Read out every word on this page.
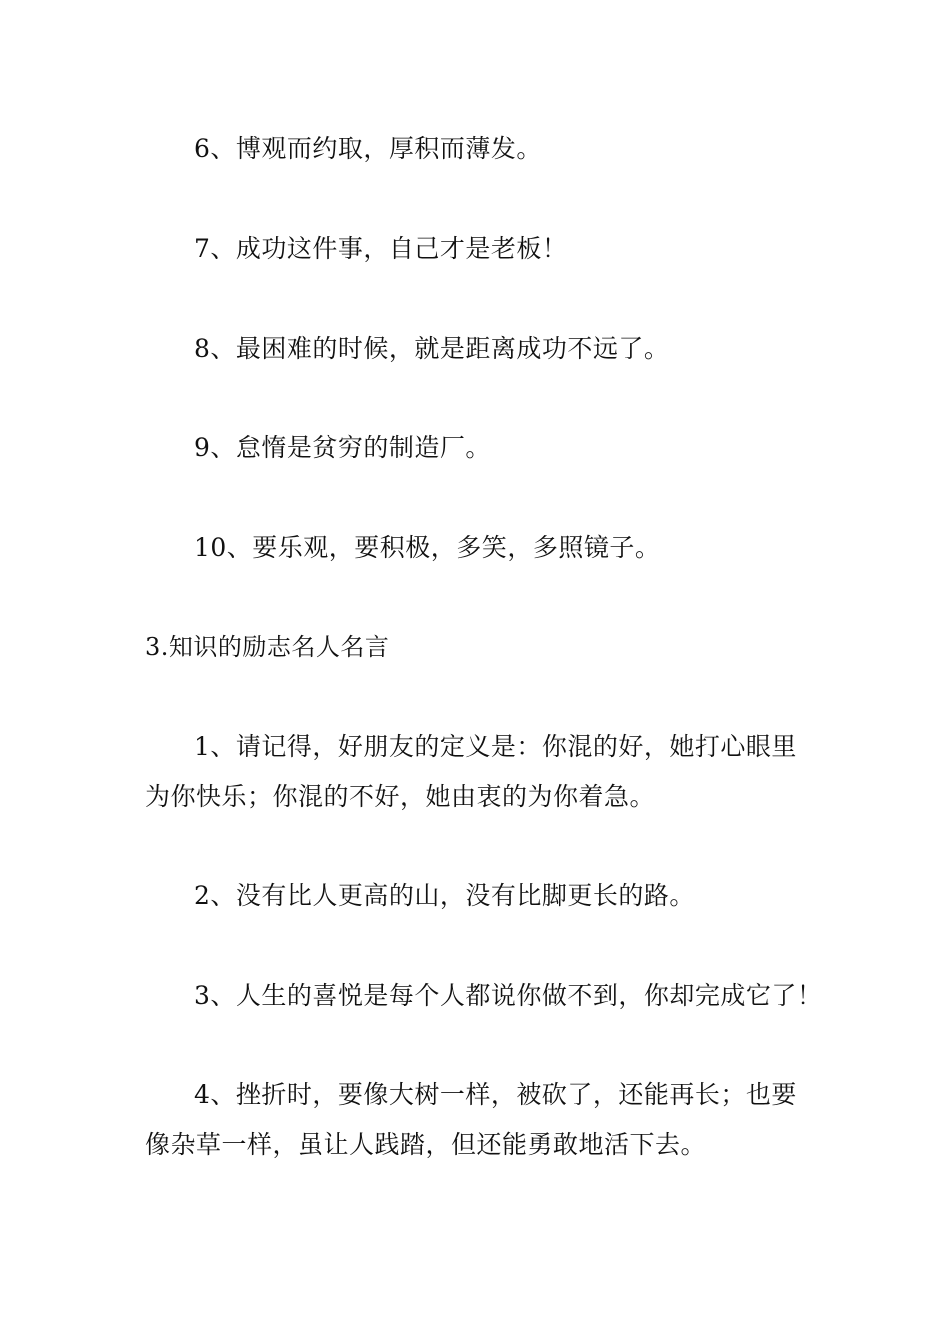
6、博观而约取，厚积而薄发。
7、成功这件事，自己才是老板！
8、最困难的时候，就是距离成功不远了。
9、怠惰是贫穷的制造厂。
10、要乐观，要积极，多笑，多照镜子。
3.知识的励志名人名言
1、请记得，好朋友的定义是：你混的好，她打心眼里
为你快乐；你混的不好，她由衷的为你着急。
2、没有比人更高的山，没有比脚更长的路。
3、人生的喜悦是每个人都说你做不到，你却完成它了！
4、挫折时，要像大树一样，被砍了，还能再长；也要
像杂草一样，虽让人践踏，但还能勇敢地活下去。
